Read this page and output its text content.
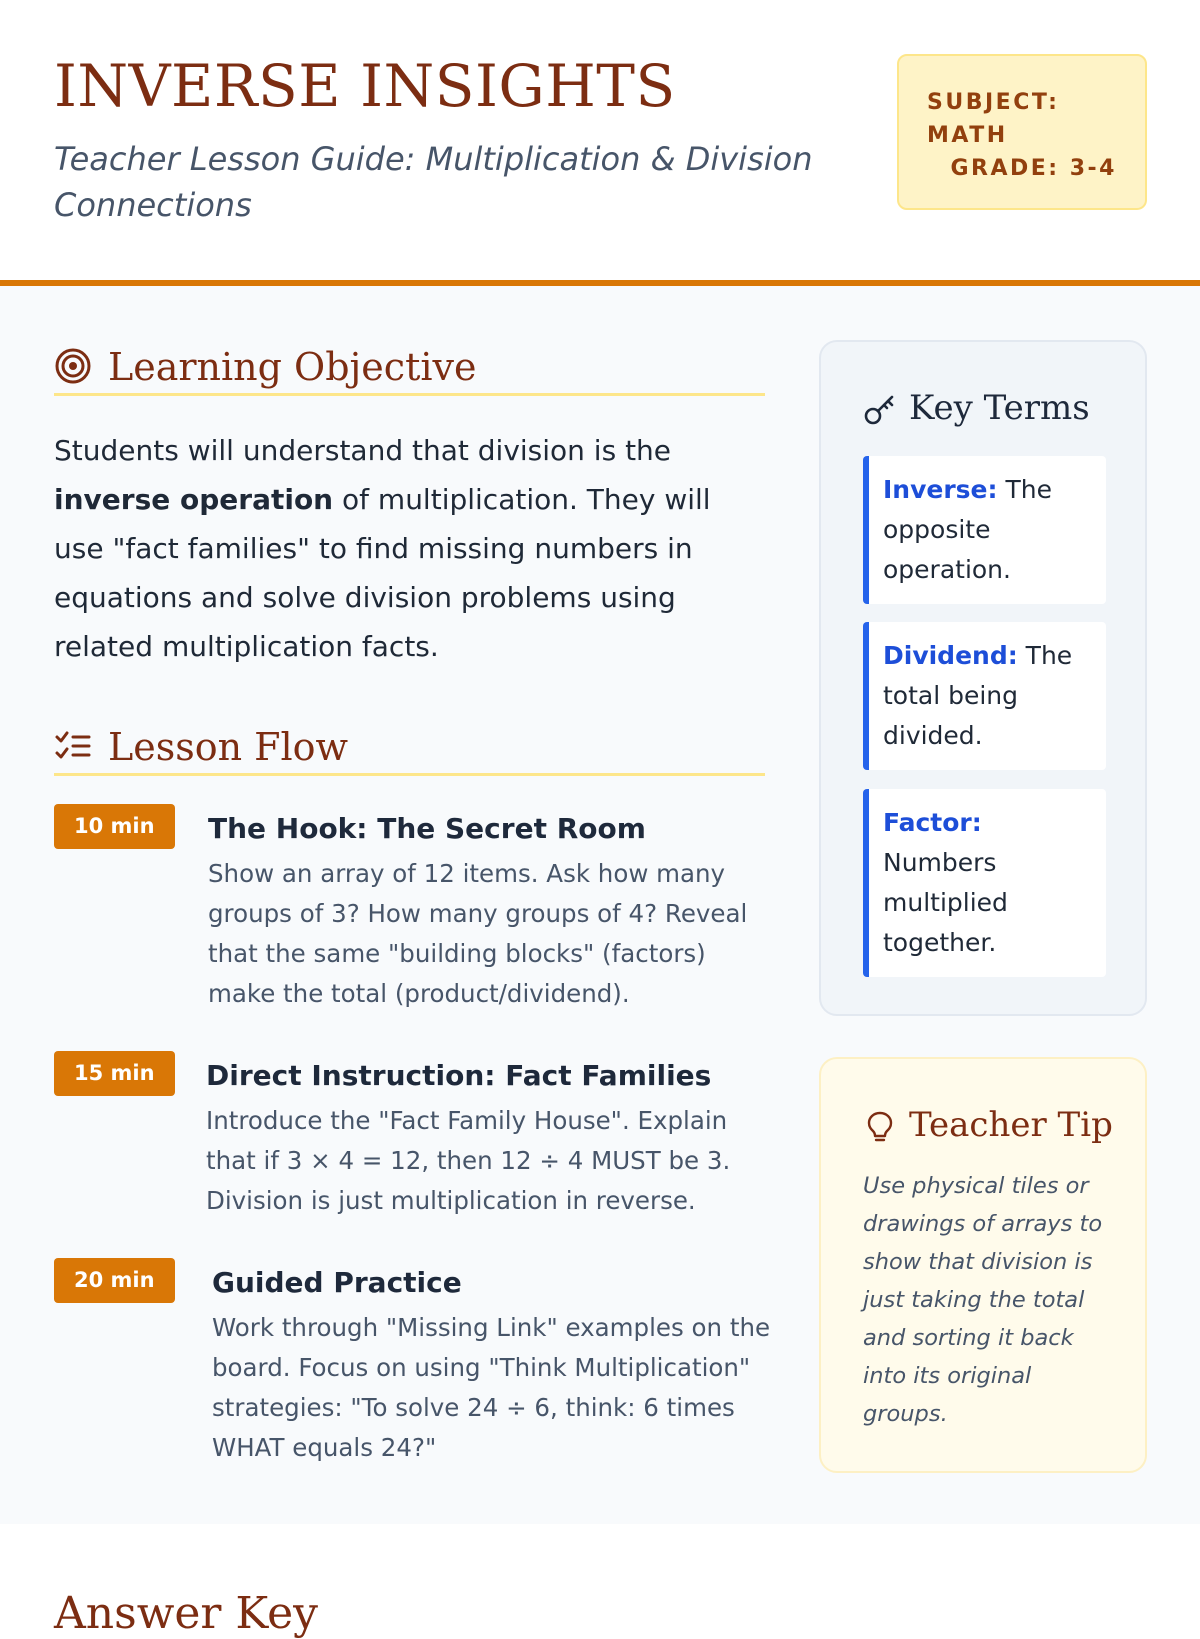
INVERSE INSIGHTS
Teacher Lesson Guide: Multiplication & Division Connections
SUBJECT: MATH
GRADE: 3-4
Learning Objective
Students will understand that division is the inverse operation of multiplication. They will use "fact families" to find missing numbers in equations and solve division problems using related multiplication facts.
Lesson Flow
10 min	The Hook: The Secret Room
Show an array of 12 items. Ask how many groups of 3? How many groups of 4? Reveal that the same "building blocks" (factors) make the total (product/dividend).
15 min	Direct Instruction: Fact Families
Introduce the "Fact Family House". Explain that if 3 × 4 = 12, then 12 ÷ 4 MUST be 3. Division is just multiplication in reverse.
20 min	Guided Practice
Work through "Missing Link" examples on the board. Focus on using "Think Multiplication" strategies: "To solve 24 ÷ 6, think: 6 times WHAT equals 24?"
Key Terms
Inverse: The opposite operation.
Dividend: The total being divided.
Factor: Numbers multiplied together.
Teacher Tip
Use physical tiles or drawings of arrays to show that division is just taking the total and sorting it back into its original groups.
Answer Key
